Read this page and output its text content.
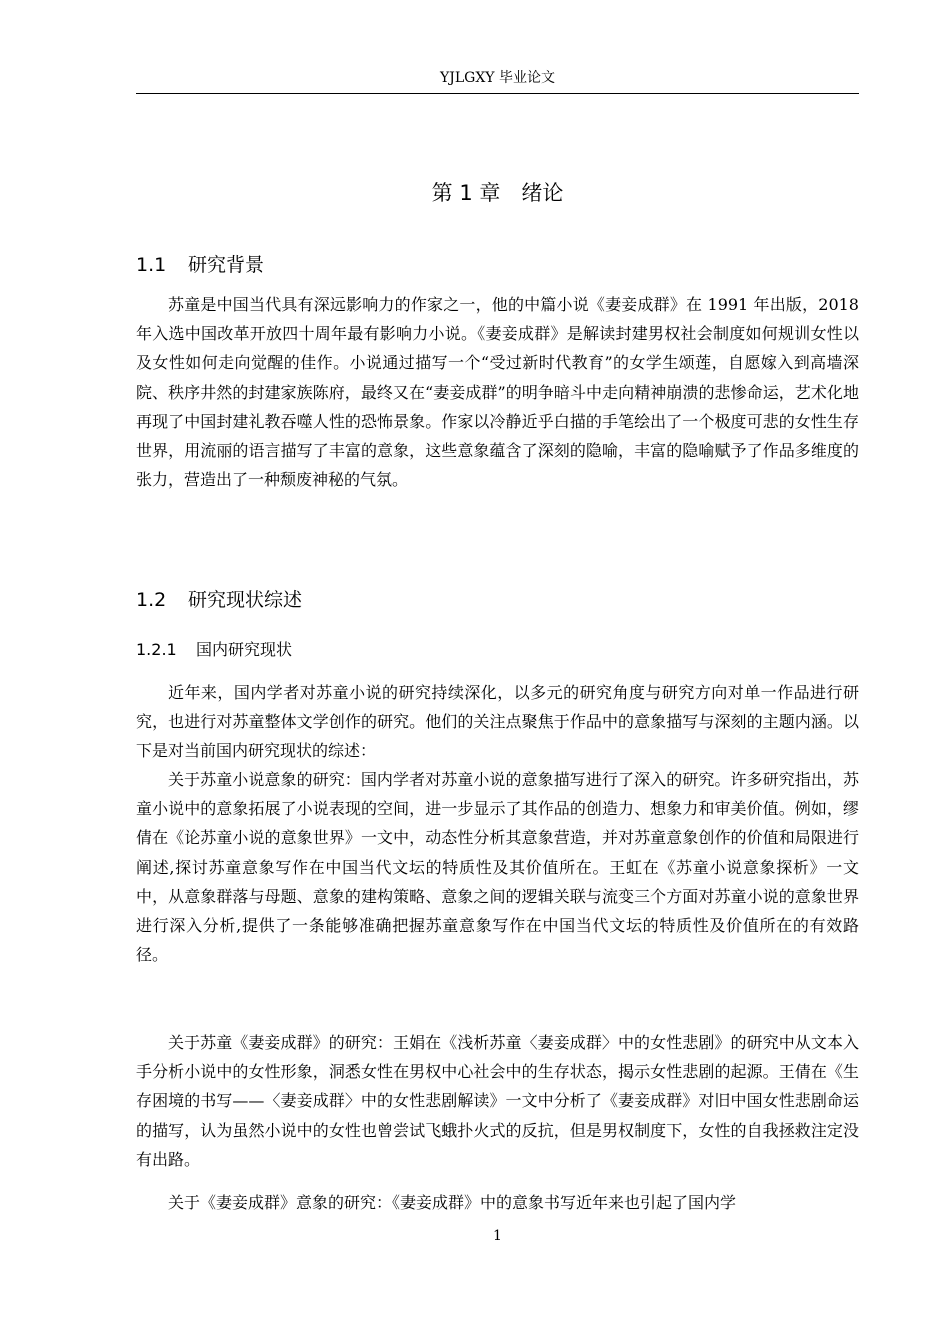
YJLGXY 毕业论文
第 1 章　绪论
1.1 研究背景

苏童是中国当代具有深远影响力的作家之一，他的中篇小说《妻妾成群》在 1991 年出版，2018 年入选中国改革开放四十周年最有影响力小说。《妻妾成群》是解读封建男权社会制度如何规训女性以及女性如何走向觉醒的佳作。小说通过描写一个“受过新时代教育”的女学生颂莲，自愿嫁入到高墙深院、秩序井然的封建家族陈府，最终又在“妻妾成群”的明争暗斗中走向精神崩溃的悲惨命运，艺术化地再现了中国封建礼教吞噬人性的恐怖景象。作家以冷静近乎白描的手笔绘出了一个极度可悲的女性生存世界，用流丽的语言描写了丰富的意象，这些意象蕴含了深刻的隐喻，丰富的隐喻赋予了作品多维度的张力，营造出了一种颓废神秘的气氛。

1.2 研究现状综述
1.2.1 国内研究现状

近年来，国内学者对苏童小说的研究持续深化，以多元的研究角度与研究方向对单一作品进行研究，也进行对苏童整体文学创作的研究。他们的关注点聚焦于作品中的意象描写与深刻的主题内涵。以下是对当前国内研究现状的综述：

关于苏童小说意象的研究：国内学者对苏童小说的意象描写进行了深入的研究。许多研究指出，苏童小说中的意象拓展了小说表现的空间，进一步显示了其作品的创造力、想象力和审美价值。例如，缪倩在《论苏童小说的意象世界》一文中，动态性分析其意象营造，并对苏童意象创作的价值和局限进行阐述,探讨苏童意象写作在中国当代文坛的特质性及其价值所在。王虹在《苏童小说意象探析》一文中，从意象群落与母题、意象的建构策略、意象之间的逻辑关联与流变三个方面对苏童小说的意象世界进行深入分析,提供了一条能够准确把握苏童意象写作在中国当代文坛的特质性及价值所在的有效路径。

关于苏童《妻妾成群》的研究：王娟在《浅析苏童〈妻妾成群〉中的女性悲剧》的研究中从文本入手分析小说中的女性形象，洞悉女性在男权中心社会中的生存状态，揭示女性悲剧的起源。王倩在《生存困境的书写——〈妻妾成群〉中的女性悲剧解读》一文中分析了《妻妾成群》对旧中国女性悲剧命运的描写，认为虽然小说中的女性也曾尝试飞蛾扑火式的反抗，但是男权制度下，女性的自我拯救注定没有出路。

关于《妻妾成群》意象的研究：《妻妾成群》中的意象书写近年来也引起了国内学

1
